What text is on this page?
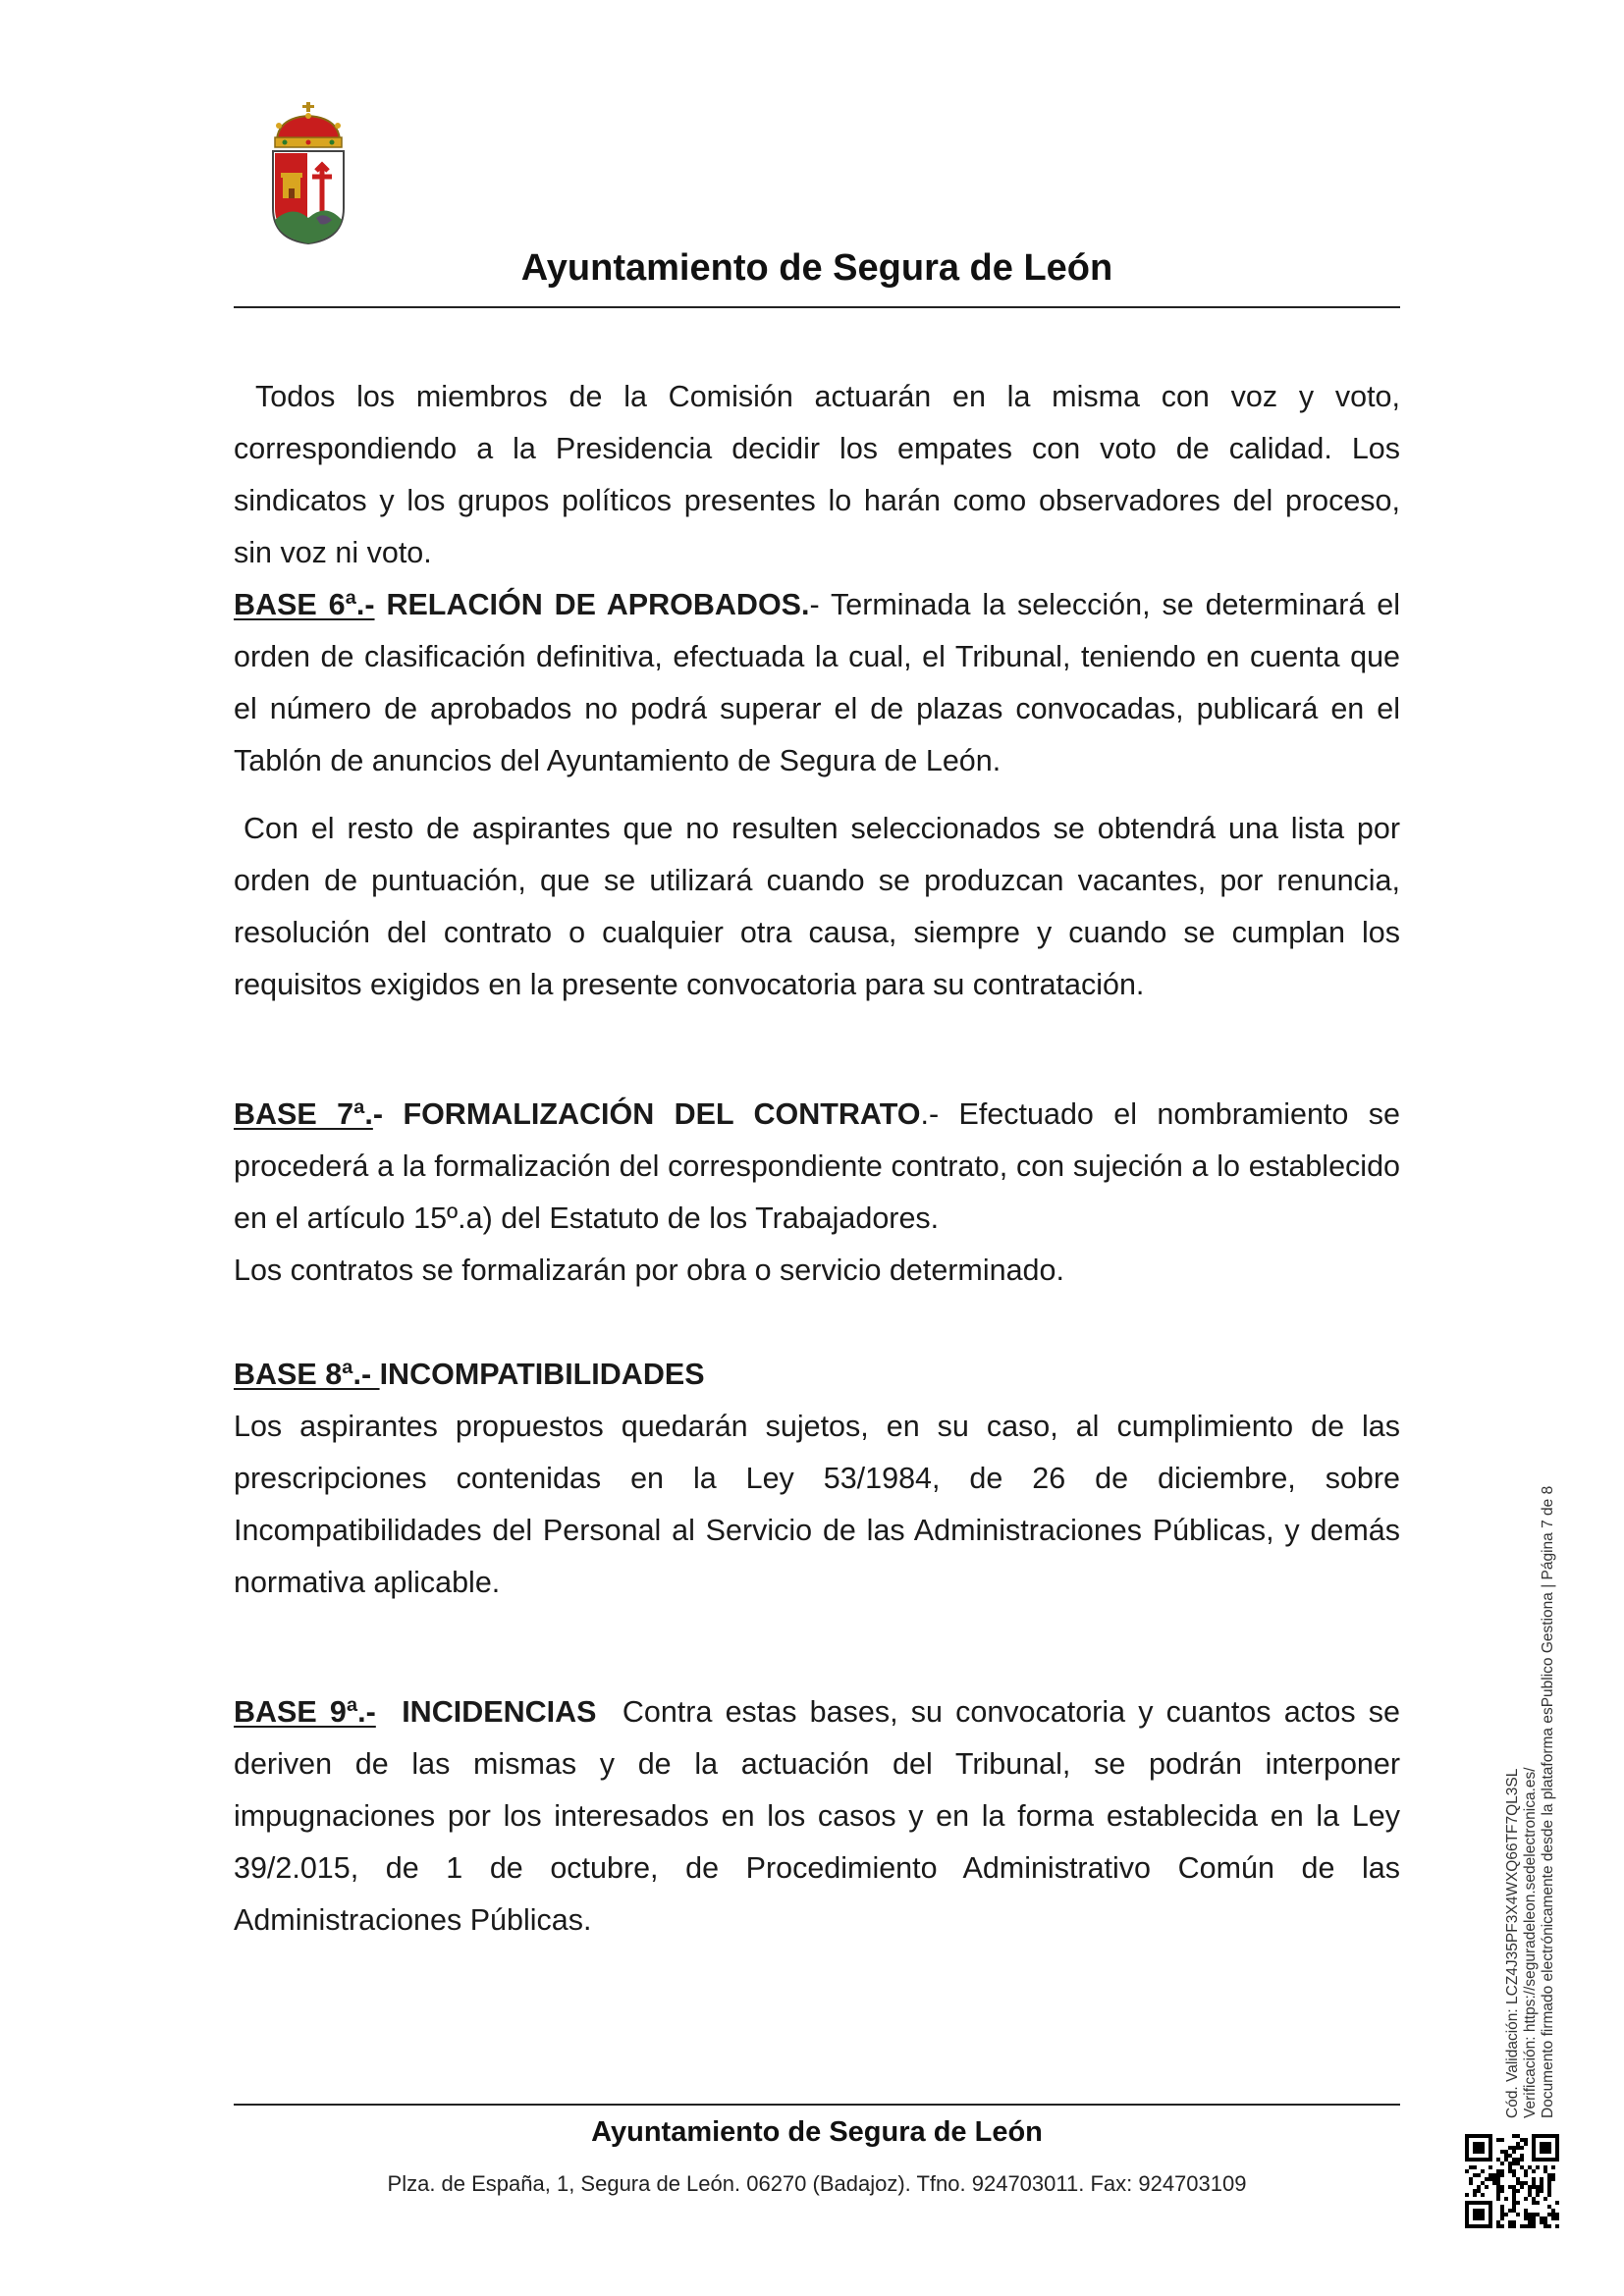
Ayuntamiento de Segura de León

Todos los miembros de la Comisión actuarán en la misma con voz y voto, correspondiendo a la Presidencia decidir los empates con voto de calidad. Los sindicatos y los grupos políticos presentes lo harán como observadores del proceso, sin voz ni voto.

BASE 6ª.- RELACIÓN DE APROBADOS.- Terminada la selección, se determinará el orden de clasificación definitiva, efectuada la cual, el Tribunal, teniendo en cuenta que el número de aprobados no podrá superar el de plazas convocadas, publicará en el Tablón de anuncios del Ayuntamiento de Segura de León.

Con el resto de aspirantes que no resulten seleccionados se obtendrá una lista por orden de puntuación, que se utilizará cuando se produzcan vacantes, por renuncia, resolución del contrato o cualquier otra causa, siempre y cuando se cumplan los requisitos exigidos en la presente convocatoria para su contratación.

BASE 7ª.- FORMALIZACIÓN DEL CONTRATO.- Efectuado el nombramiento se procederá a la formalización del correspondiente contrato, con sujeción a lo establecido en el artículo 15º.a) del Estatuto de los Trabajadores.

Los contratos se formalizarán por obra o servicio determinado.

BASE 8ª.- INCOMPATIBILIDADES

Los aspirantes propuestos quedarán sujetos, en su caso, al cumplimiento de las prescripciones contenidas en la Ley 53/1984, de 26 de diciembre, sobre Incompatibilidades del Personal al Servicio de las Administraciones Públicas, y demás normativa aplicable.

BASE 9ª.- INCIDENCIAS Contra estas bases, su convocatoria y cuantos actos se deriven de las mismas y de la actuación del Tribunal, se podrán interponer impugnaciones por los interesados en los casos y en la forma establecida en la Ley 39/2.015, de 1 de octubre, de Procedimiento Administrativo Común de las Administraciones Públicas.

Ayuntamiento de Segura de León
Plza. de España, 1, Segura de León. 06270 (Badajoz). Tfno. 924703011. Fax: 924703109
Cód. Validación: LCZ4J35PF3X4WXQ66TF7QL3SL Verificación: https://seguradeleon.sedelectronica.es/ Documento firmado electrónicamente desde la plataforma esPublico Gestiona | Página 7 de 8
